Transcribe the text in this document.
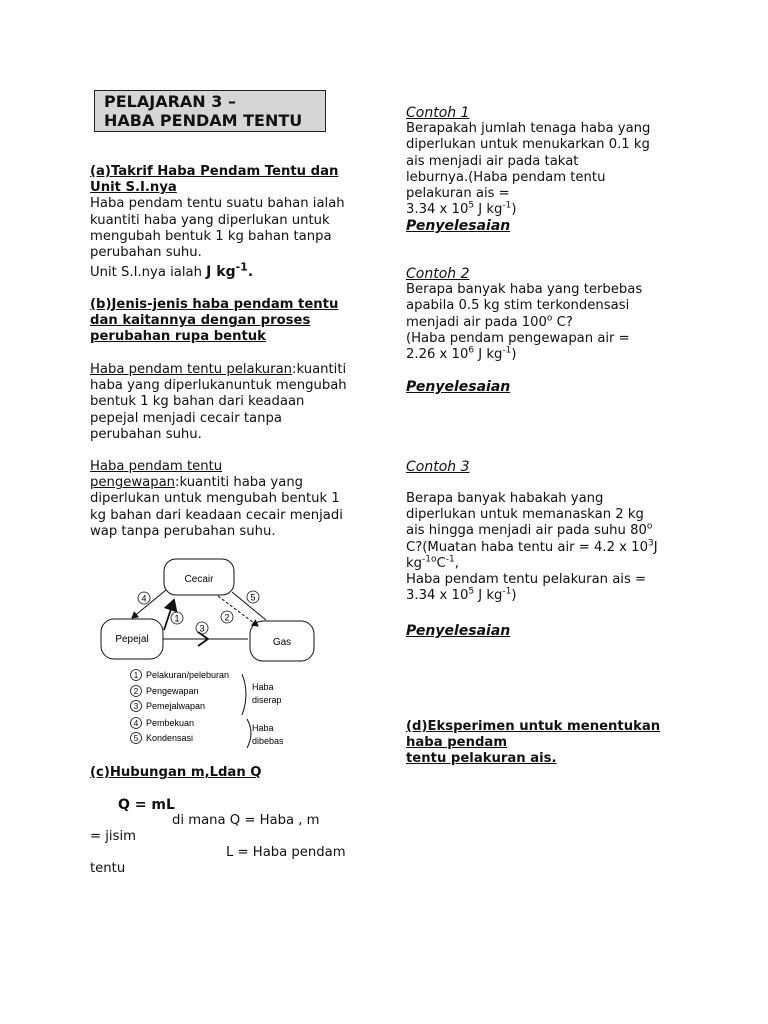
PELAJARAN 3 –
HABA PENDAM TENTU
(a)Takrif Haba Pendam Tentu dan
Unit S.I.nya
Haba pendam tentu suatu bahan ialah
kuantiti haba yang diperlukan untuk
mengubah bentuk 1 kg bahan tanpa
perubahan suhu.
Unit S.I.nya ialah J $kg^{-1}$.
(b)Jenis-jenis haba pendam tentu
dan kaitannya dengan proses
perubahan rupa bentuk
Haba pendam tentu pelakuran:kuantiti
haba yang diperlukanuntuk mengubah
bentuk 1 kg bahan dari keadaan
pepejal menjadi cecair tanpa
perubahan suhu.
Haba pendam tentu
pengewapan:kuantiti haba yang
diperlukan untuk mengubah bentuk 1
kg bahan dari keadaan cecair menjadi
wap tanpa perubahan suhu.
Cecair
Pepejal	Gas
4
1
3
2
5
1 Pelakuran/peleburan
2 Pengewapan
3 Pemejalwapan
4 Pembekuan
5 Kondensasi
Haba
diserap
Haba
dibebas
(c)Hubungan m,Ldan Q
Q = mL
di mana Q = Haba , m
= jisim
L = Haba pendam
tentu
Contoh 1
Berapakah jumlah tenaga haba yang
diperlukan untuk menukarkan 0.1 kg
ais menjadi air pada takat
leburnya.(Haba pendam tentu
pelakuran ais =
3.34 x $10^5$ J $kg^{-1}$)
Penyelesaian
Contoh 2
Berapa banyak haba yang terbebas
apabila 0.5 kg stim terkondensasi
menjadi air pada 100$^o$ C?
(Haba pendam pengewapan air =
2.26 x $10^6$ J $kg^{-1}$)
Penyelesaian
Contoh 3
Berapa banyak habakah yang
diperlukan untuk memanaskan 2 kg
ais hingga menjadi air pada suhu 80$^o$
C?(Muatan haba tentu air = 4.2 x $10^3J$
$kg^{-1o}C^{-1}$,
Haba pendam tentu pelakuran ais =
3.34 x $10^5$ J $kg^{-1}$)
Penyelesaian
(d)Eksperimen untuk menentukan
haba pendam
tentu pelakuran ais.
